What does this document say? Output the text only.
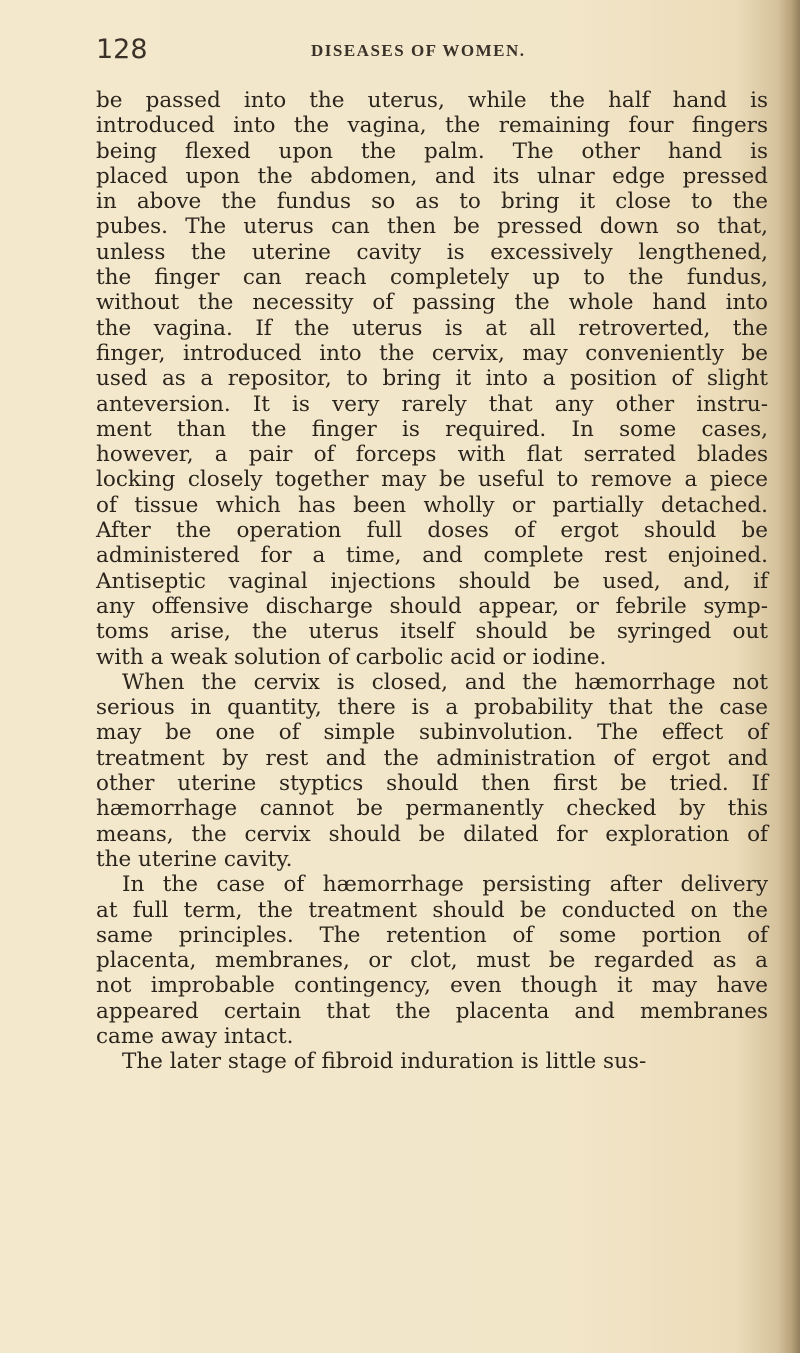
128	DISEASES OF WOMEN.
be passed into the uterus, while the half hand is
introduced into the vagina, the remaining four fingers
being flexed upon the palm. The other hand is
placed upon the abdomen, and its ulnar edge pressed
in above the fundus so as to bring it close to the
pubes. The uterus can then be pressed down so that,
unless the uterine cavity is excessively lengthened,
the finger can reach completely up to the fundus,
without the necessity of passing the whole hand into
the vagina. If the uterus is at all retroverted, the
finger, introduced into the cervix, may conveniently be
used as a repositor, to bring it into a position of slight
anteversion. It is very rarely that any other instru-
ment than the finger is required. In some cases,
however, a pair of forceps with flat serrated blades
locking closely together may be useful to remove a piece
of tissue which has been wholly or partially detached.
After the operation full doses of ergot should be
administered for a time, and complete rest enjoined.
Antiseptic vaginal injections should be used, and, if
any offensive discharge should appear, or febrile symp-
toms arise, the uterus itself should be syringed out
with a weak solution of carbolic acid or iodine.
When the cervix is closed, and the hæmorrhage not
serious in quantity, there is a probability that the case
may be one of simple subinvolution. The effect of
treatment by rest and the administration of ergot and
other uterine styptics should then first be tried. If
hæmorrhage cannot be permanently checked by this
means, the cervix should be dilated for exploration of
the uterine cavity.
In the case of hæmorrhage persisting after delivery
at full term, the treatment should be conducted on the
same principles. The retention of some portion of
placenta, membranes, or clot, must be regarded as a
not improbable contingency, even though it may have
appeared certain that the placenta and membranes
came away intact.
The later stage of fibroid induration is little sus-
